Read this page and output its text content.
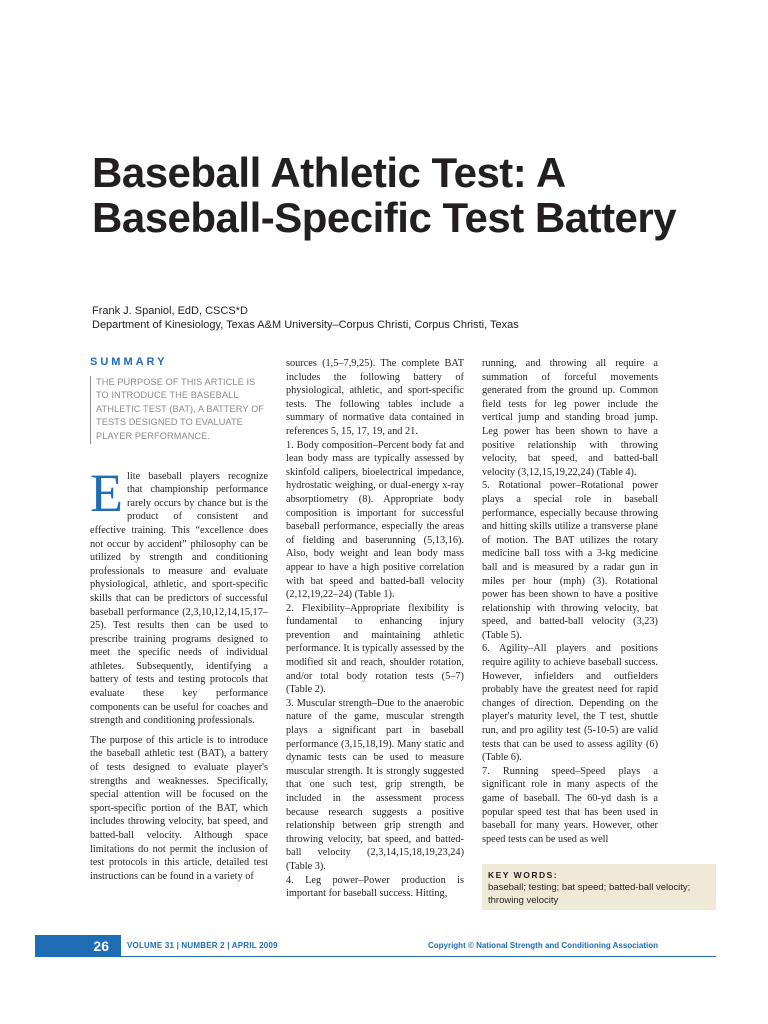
Baseball Athletic Test: A Baseball-Specific Test Battery
Frank J. Spaniol, EdD, CSCS*D
Department of Kinesiology, Texas A&M University–Corpus Christi, Corpus Christi, Texas
SUMMARY
THE PURPOSE OF THIS ARTICLE IS TO INTRODUCE THE BASEBALL ATHLETIC TEST (BAT), A BATTERY OF TESTS DESIGNED TO EVALUATE PLAYER PERFORMANCE.

Elite baseball players recognize that championship performance rarely occurs by chance but is the product of consistent and effective training. This “excellence does not occur by accident” philosophy can be utilized by strength and conditioning professionals to measure and evaluate physiological, athletic, and sport-specific skills that can be predictors of successful baseball performance (2,3,10,12,14,15,17–25). Test results then can be used to prescribe training programs designed to meet the specific needs of individual athletes. Subsequently, identifying a battery of tests and testing protocols that evaluate these key performance components can be useful for coaches and strength and conditioning professionals.

The purpose of this article is to introduce the baseball athletic test (BAT), a battery of tests designed to evaluate player's strengths and weaknesses. Specifically, special attention will be focused on the sport-specific portion of the BAT, which includes throwing velocity, bat speed, and batted-ball velocity. Although space limitations do not permit the inclusion of test protocols in this article, detailed test instructions can be found in a variety of

sources (1,5–7,9,25). The complete BAT includes the following battery of physiological, athletic, and sport-specific tests. The following tables include a summary of normative data contained in references 5, 15, 17, 19, and 21.

1. Body composition–Percent body fat and lean body mass are typically assessed by skinfold calipers, bioelectrical impedance, hydrostatic weighing, or dual-energy x-ray absorptiometry (8). Appropriate body composition is important for successful baseball performance, especially the areas of fielding and baserunning (5,13,16). Also, body weight and lean body mass appear to have a high positive correlation with bat speed and batted-ball velocity (2,12,19,22–24) (Table 1).

2. Flexibility–Appropriate flexibility is fundamental to enhancing injury prevention and maintaining athletic performance. It is typically assessed by the modified sit and reach, shoulder rotation, and/or total body rotation tests (5–7) (Table 2).

3. Muscular strength–Due to the anaerobic nature of the game, muscular strength plays a significant part in baseball performance (3,15,18,19). Many static and dynamic tests can be used to measure muscular strength. It is strongly suggested that one such test, grip strength, be included in the assessment process because research suggests a positive relationship between grip strength and throwing velocity, bat speed, and batted-ball velocity (2,3,14,15,18,19,23,24) (Table 3).

4. Leg power–Power production is important for baseball success. Hitting,

running, and throwing all require a summation of forceful movements generated from the ground up. Common field tests for leg power include the vertical jump and standing broad jump. Leg power has been shown to have a positive relationship with throwing velocity, bat speed, and batted-ball velocity (3,12,15,19,22,24) (Table 4).

5. Rotational power–Rotational power plays a special role in baseball performance, especially because throwing and hitting skills utilize a transverse plane of motion. The BAT utilizes the rotary medicine ball toss with a 3-kg medicine ball and is measured by a radar gun in miles per hour (mph) (3). Rotational power has been shown to have a positive relationship with throwing velocity, bat speed, and batted-ball velocity (3,23) (Table 5).

6. Agility–All players and positions require agility to achieve baseball success. However, infielders and outfielders probably have the greatest need for rapid changes of direction. Depending on the player's maturity level, the T test, shuttle run, and pro agility test (5-10-5) are valid tests that can be used to assess agility (6) (Table 6).

7. Running speed–Speed plays a significant role in many aspects of the game of baseball. The 60-yd dash is a popular speed test that has been used in baseball for many years. However, other speed tests can be used as well

KEY WORDS:
baseball; testing; bat speed; batted-ball velocity; throwing velocity
26	VOLUME 31 | NUMBER 2 | APRIL 2009	Copyright © National Strength and Conditioning Association
